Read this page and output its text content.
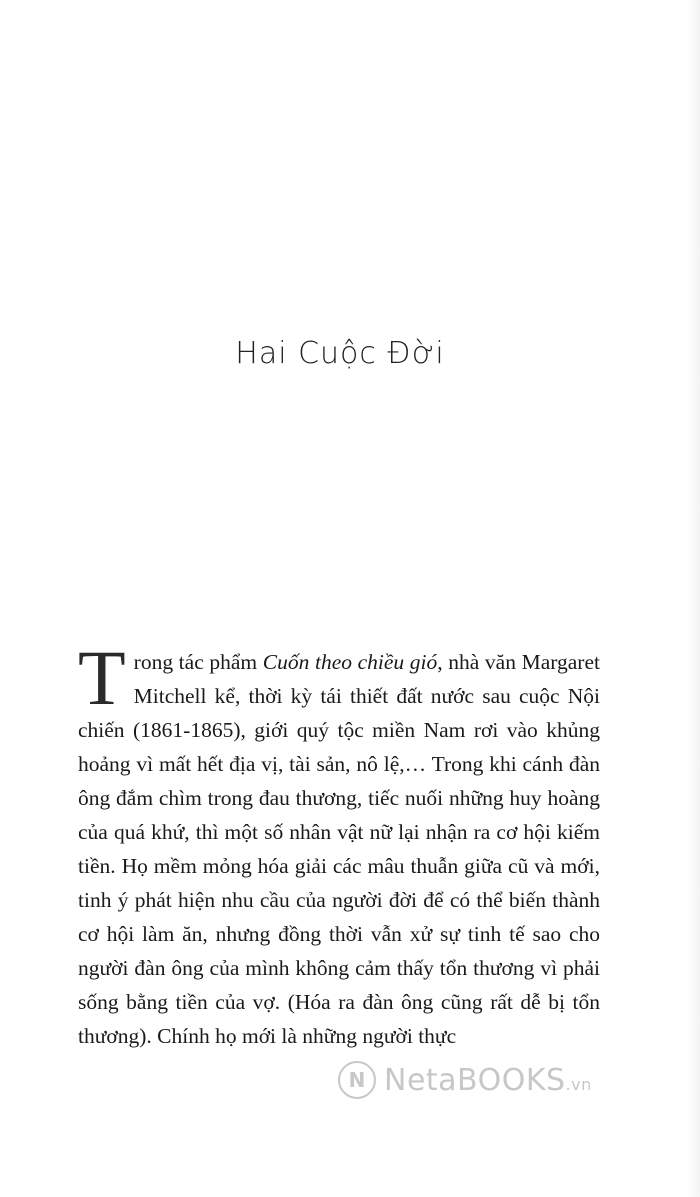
Hai Cuộc Đời

Trong tác phẩm Cuốn theo chiều gió, nhà văn Margaret Mitchell kể, thời kỳ tái thiết đất nước sau cuộc Nội chiến (1861-1865), giới quý tộc miền Nam rơi vào khủng hoảng vì mất hết địa vị, tài sản, nô lệ,… Trong khi cánh đàn ông đắm chìm trong đau thương, tiếc nuối những huy hoàng của quá khứ, thì một số nhân vật nữ lại nhận ra cơ hội kiếm tiền. Họ mềm mỏng hóa giải các mâu thuẫn giữa cũ và mới, tinh ý phát hiện nhu cầu của người đời để có thể biến thành cơ hội làm ăn, nhưng đồng thời vẫn xử sự tinh tế sao cho người đàn ông của mình không cảm thấy tổn thương vì phải sống bằng tiền của vợ. (Hóa ra đàn ông cũng rất dễ bị tổn thương). Chính họ mới là những người thực

N NetaBOOKS.vn
